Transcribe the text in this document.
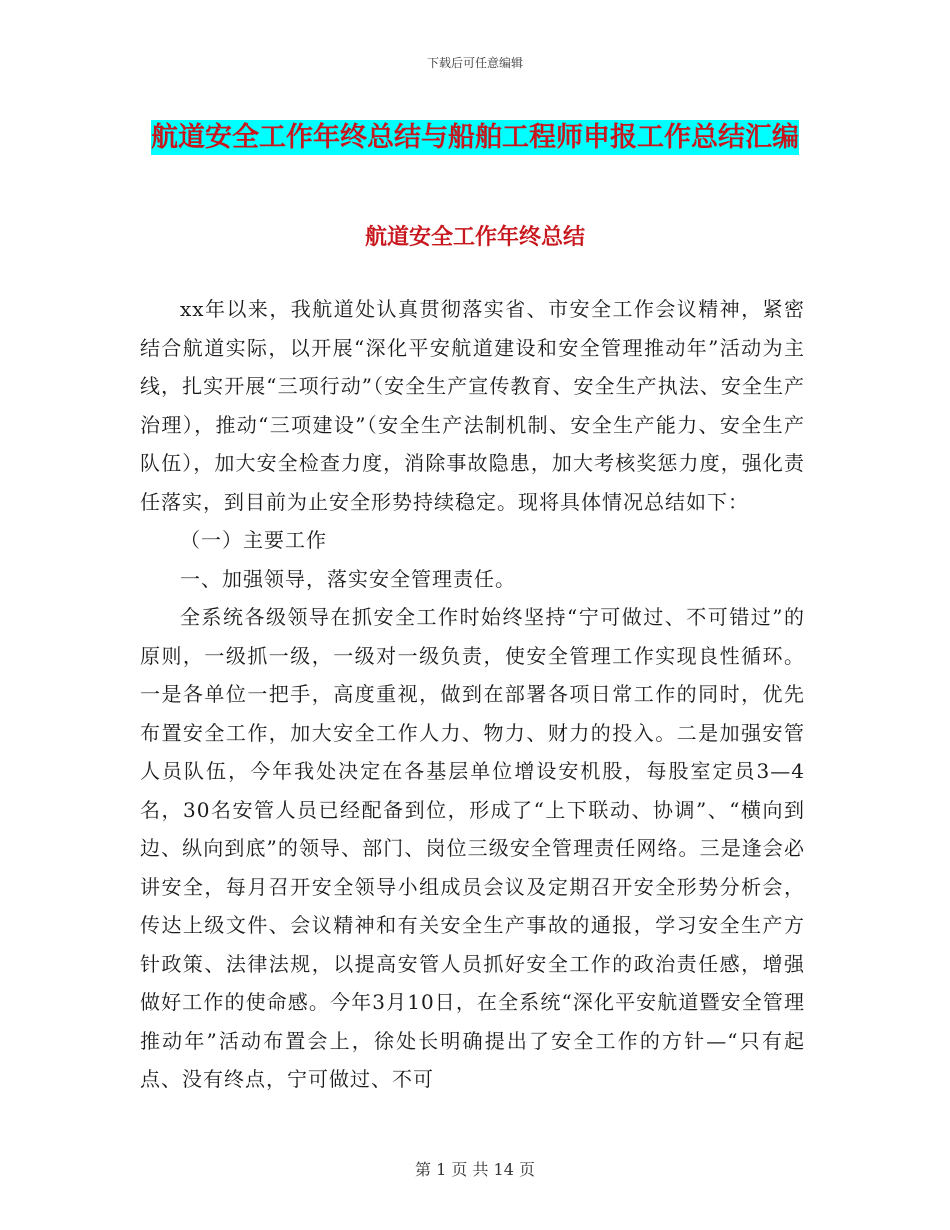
下载后可任意编辑
航道安全工作年终总结与船舶工程师申报工作总结汇编
航道安全工作年终总结

xx年以来，我航道处认真贯彻落实省、市安全工作会议精神，紧密结合航道实际，以开展“深化平安航道建设和安全管理推动年”活动为主线，扎实开展“三项行动”（安全生产宣传教育、安全生产执法、安全生产治理），推动“三项建设”（安全生产法制机制、安全生产能力、安全生产队伍），加大安全检查力度，消除事故隐患，加大考核奖惩力度，强化责任落实，到目前为止安全形势持续稳定。现将具体情况总结如下：

（一）主要工作

一、加强领导，落实安全管理责任。

全系统各级领导在抓安全工作时始终坚持“宁可做过、不可错过”的原则，一级抓一级，一级对一级负责，使安全管理工作实现良性循环。一是各单位一把手，高度重视，做到在部署各项日常工作的同时，优先布置安全工作，加大安全工作人力、物力、财力的投入。二是加强安管人员队伍，今年我处决定在各基层单位增设安机股，每股室定员3—4名，30名安管人员已经配备到位，形成了“上下联动、协调”、“横向到边、纵向到底”的领导、部门、岗位三级安全管理责任网络。三是逢会必讲安全，每月召开安全领导小组成员会议及定期召开安全形势分析会，传达上级文件、会议精神和有关安全生产事故的通报，学习安全生产方针政策、法律法规，以提高安管人员抓好安全工作的政治责任感，增强做好工作的使命感。今年3月10日，在全系统“深化平安航道暨安全管理推动年”活动布置会上，徐处长明确提出了安全工作的方针—“只有起点、没有终点，宁可做过、不可

第 1 页 共 14 页
